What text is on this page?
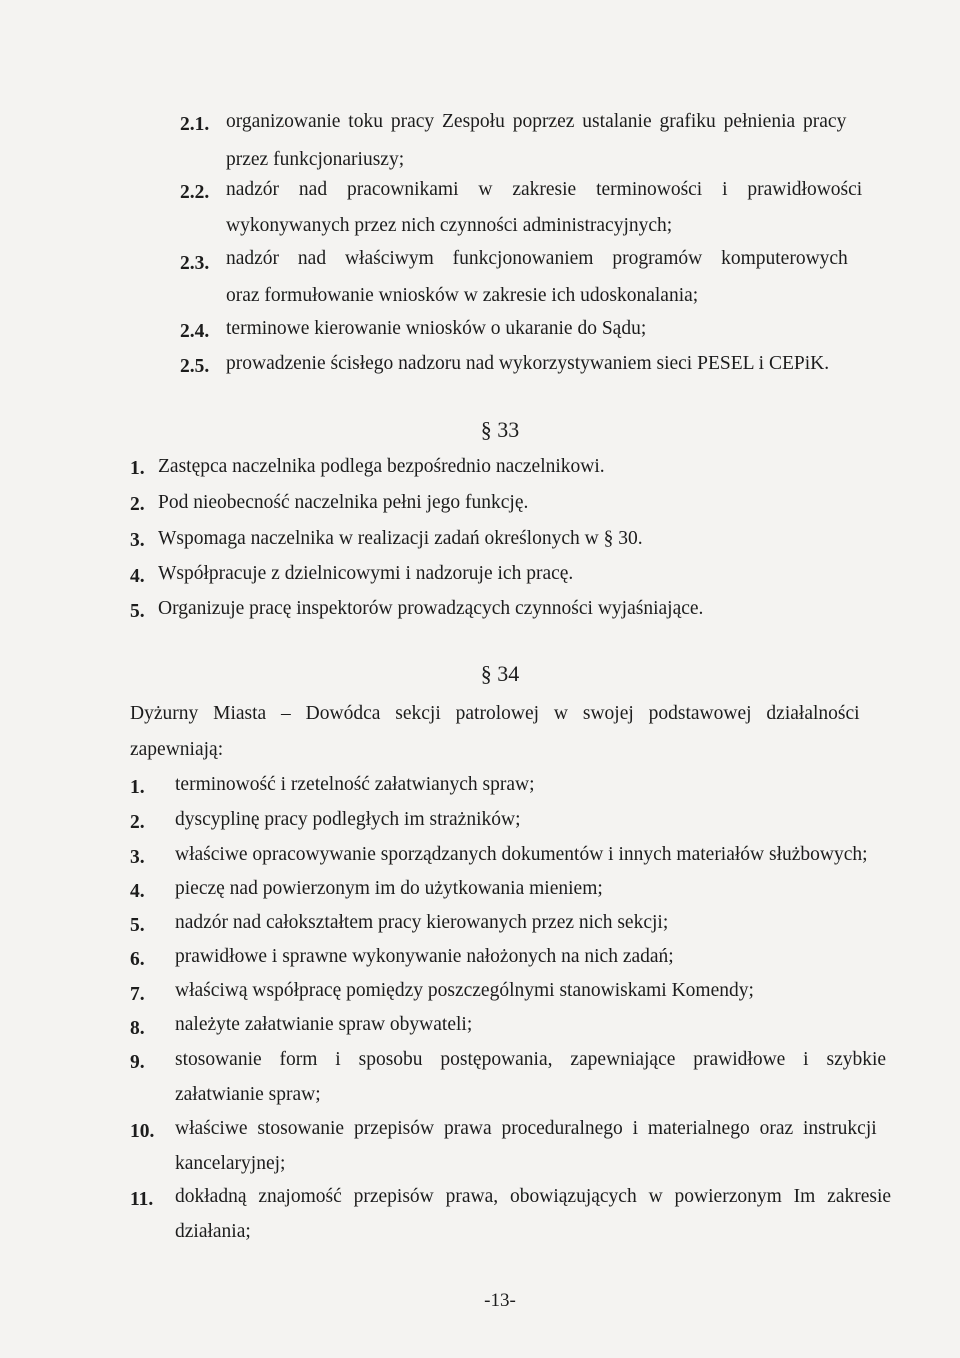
2.1. organizowanie toku pracy Zespołu poprzez ustalanie grafiku pełnienia pracy
przez funkcjonariuszy;
2.2. nadzór nad pracownikami w zakresie terminowości i prawidłowości
wykonywanych przez nich czynności administracyjnych;
2.3. nadzór nad właściwym funkcjonowaniem programów komputerowych
oraz formułowanie wniosków w zakresie ich udoskonalania;
2.4. terminowe kierowanie wniosków o ukaranie do Sądu;
2.5. prowadzenie ścisłego nadzoru nad wykorzystywaniem sieci PESEL i CEPiK.
§ 33
1. Zastępca naczelnika podlega bezpośrednio naczelnikowi.
2. Pod nieobecność naczelnika pełni jego funkcję.
3. Wspomaga naczelnika w realizacji zadań określonych w § 30.
4. Współpracuje z dzielnicowymi i nadzoruje ich pracę.
5. Organizuje pracę inspektorów prowadzących czynności wyjaśniające.
§ 34
Dyżurny Miasta – Dowódca sekcji patrolowej w swojej podstawowej działalności
zapewniają:
1. terminowość i rzetelność załatwianych spraw;
2. dyscyplinę pracy podległych im strażników;
3. właściwe opracowywanie sporządzanych dokumentów i innych materiałów służbowych;
4. pieczę nad powierzonym im do użytkowania mieniem;
5. nadzór nad całokształtem pracy kierowanych przez nich sekcji;
6. prawidłowe i sprawne wykonywanie nałożonych na nich zadań;
7. właściwą współpracę pomiędzy poszczególnymi stanowiskami Komendy;
8. należyte załatwianie spraw obywateli;
9. stosowanie form i sposobu postępowania, zapewniające prawidłowe i szybkie
załatwianie spraw;
10. właściwe stosowanie przepisów prawa proceduralnego i materialnego oraz instrukcji
kancelaryjnej;
11. dokładną znajomość przepisów prawa, obowiązujących w powierzonym Im zakresie
działania;
-13-
